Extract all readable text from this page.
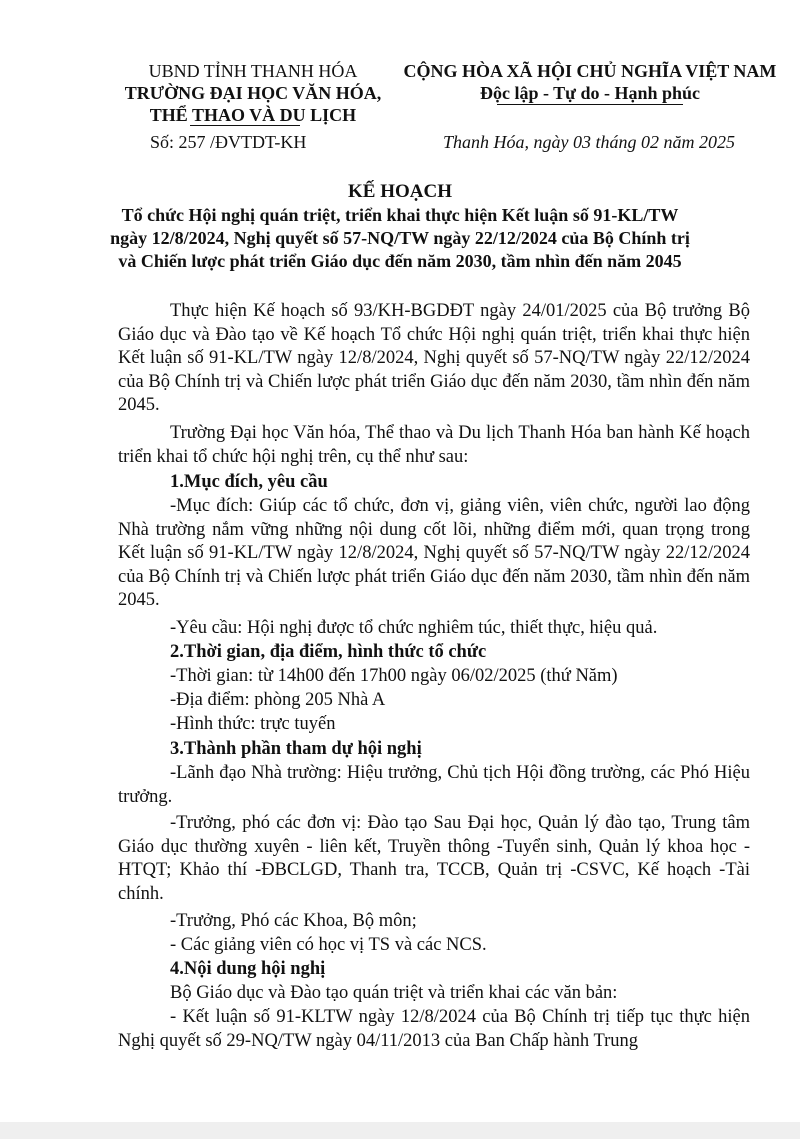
UBND TỈNH THANH HÓA
TRƯỜNG ĐẠI HỌC VĂN HÓA,
THỂ THAO VÀ DU LỊCH
Số: 257 /ĐVTDT-KH
CỘNG HÒA XÃ HỘI CHỦ NGHĨA VIỆT NAM
Độc lập - Tự do - Hạnh phúc
Thanh Hóa, ngày 03 tháng 02 năm 2025
KẾ HOẠCH
Tổ chức Hội nghị quán triệt, triển khai thực hiện Kết luận số 91-KL/TW
ngày 12/8/2024, Nghị quyết số 57-NQ/TW ngày 22/12/2024 của Bộ Chính trị
và Chiến lược phát triển Giáo dục đến năm 2030, tầm nhìn đến năm 2045
Thực hiện Kế hoạch số 93/KH-BGDĐT ngày 24/01/2025 của Bộ trưởng Bộ Giáo dục và Đào tạo về Kế hoạch Tổ chức Hội nghị quán triệt, triển khai thực hiện Kết luận số 91-KL/TW ngày 12/8/2024, Nghị quyết số 57-NQ/TW ngày 22/12/2024 của Bộ Chính trị và Chiến lược phát triển Giáo dục đến năm 2030, tầm nhìn đến năm 2045.
Trường Đại học Văn hóa, Thể thao và Du lịch Thanh Hóa ban hành Kế hoạch triển khai tổ chức hội nghị trên, cụ thể như sau:
1.Mục đích, yêu cầu
-Mục đích: Giúp các tổ chức, đơn vị, giảng viên, viên chức, người lao động Nhà trường nắm vững những nội dung cốt lõi, những điểm mới, quan trọng trong Kết luận số 91-KL/TW ngày 12/8/2024, Nghị quyết số 57-NQ/TW ngày 22/12/2024 của Bộ Chính trị và Chiến lược phát triển Giáo dục đến năm 2030, tầm nhìn đến năm 2045.
-Yêu cầu: Hội nghị được tổ chức nghiêm túc, thiết thực, hiệu quả.
2.Thời gian, địa điểm, hình thức tổ chức
-Thời gian: từ 14h00 đến 17h00 ngày 06/02/2025 (thứ Năm)
-Địa điểm: phòng 205 Nhà A
-Hình thức: trực tuyến
3.Thành phần tham dự hội nghị
-Lãnh đạo Nhà trường: Hiệu trưởng, Chủ tịch Hội đồng trường, các Phó Hiệu trưởng.
-Trưởng, phó các đơn vị: Đào tạo Sau Đại học, Quản lý đào tạo, Trung tâm Giáo dục thường xuyên - liên kết, Truyền thông -Tuyển sinh, Quản lý khoa học - HTQT; Khảo thí -ĐBCLGD, Thanh tra, TCCB, Quản trị -CSVC, Kế hoạch -Tài chính.
-Trưởng, Phó các Khoa, Bộ môn;
- Các giảng viên có học vị TS và các NCS.
4.Nội dung hội nghị
Bộ Giáo dục và Đào tạo quán triệt và triển khai các văn bản:
- Kết luận số 91-KLTW ngày 12/8/2024 của Bộ Chính trị tiếp tục thực hiện Nghị quyết số 29-NQ/TW ngày 04/11/2013 của Ban Chấp hành Trung
